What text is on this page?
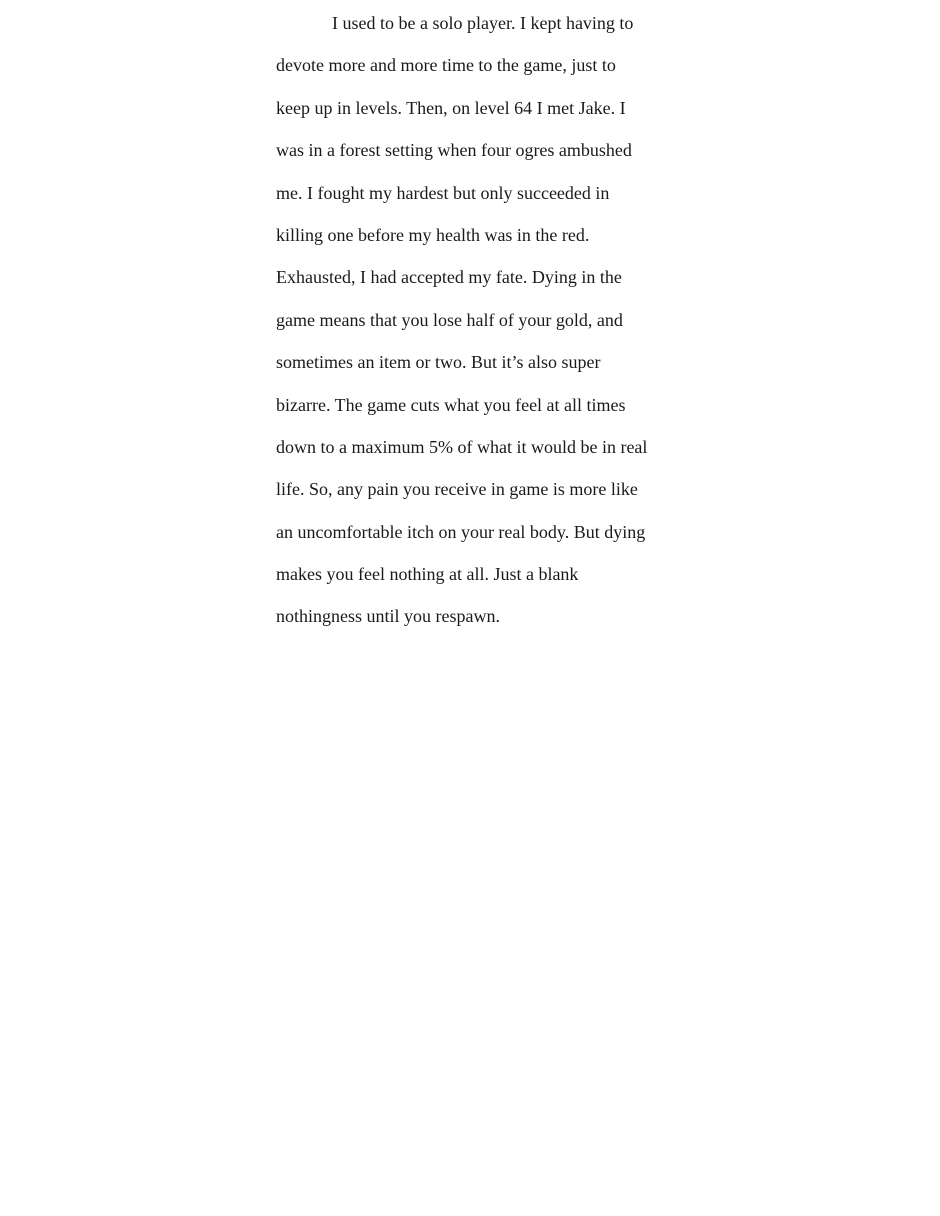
I used to be a solo player. I kept having to
devote more and more time to the game, just to
keep up in levels. Then, on level 64 I met Jake. I
was in a forest setting when four ogres ambushed
me. I fought my hardest but only succeeded in
killing one before my health was in the red.
Exhausted, I had accepted my fate. Dying in the
game means that you lose half of your gold, and
sometimes an item or two. But it’s also super
bizarre. The game cuts what you feel at all times
down to a maximum 5% of what it would be in real
life. So, any pain you receive in game is more like
an uncomfortable itch on your real body. But dying
makes you feel nothing at all. Just a blank
nothingness until you respawn.
